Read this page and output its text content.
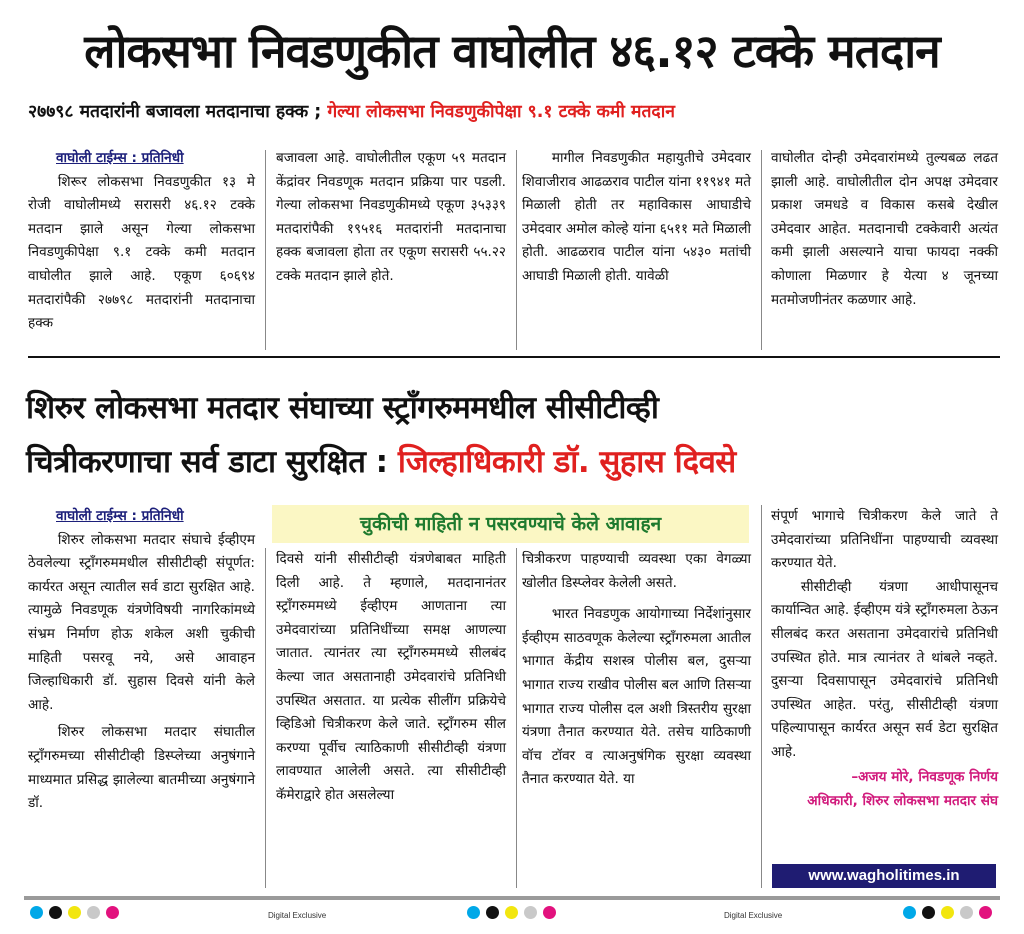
लोकसभा निवडणुकीत वाघोलीत ४६.१२ टक्के मतदान
२७७९८ मतदारांनी बजावला मतदानाचा हक्क ; गेल्या लोकसभा निवडणुकीपेक्षा ९.१ टक्के कमी मतदान
वाघोली टाईम्स : प्रतिनिधी

शिरूर लोकसभा निवडणुकीत १३ मे रोजी वाघोलीमध्ये सरासरी ४६.१२ टक्के मतदान झाले असून गेल्या लोकसभा निवडणुकीपेक्षा ९.१ टक्के कमी मतदान वाघोलीत झाले आहे. एकूण ६०६९४ मतदारांपैकी २७७९८ मतदारांनी मतदानाचा हक्क

बजावला आहे. वाघोलीतील एकूण ५९ मतदान केंद्रांवर निवडणूक मतदान प्रक्रिया पार पडली. गेल्या लोकसभा निवडणुकीमध्ये एकूण ३५३३९ मतदारांपैकी १९५१६ मतदारांनी मतदानाचा हक्क बजावला होता तर एकूण सरासरी ५५.२२ टक्के मतदान झाले होते.

मागील निवडणुकीत महायुतीचे उमेदवार शिवाजीराव आढळराव पाटील यांना ११९४१ मते मिळाली होती तर महाविकास आघाडीचे उमेदवार अमोल कोल्हे यांना ६५११ मते मिळाली होती. आढळराव पाटील यांना ५४३० मतांची आघाडी मिळाली होती. यावेळी

वाघोलीत दोन्ही उमेदवारांमध्ये तुल्यबळ लढत झाली आहे. वाघोलीतील दोन अपक्ष उमेदवार प्रकाश जमधडे व विकास कसबे देखील उमेदवार आहेत. मतदानाची टक्केवारी अत्यंत कमी झाली असल्याने याचा फायदा नक्की कोणाला मिळणार हे येत्या ४ जूनच्या मतमोजणीनंतर कळणार आहे.

शिरुर लोकसभा मतदार संघाच्या स्ट्राँगरुममधील सीसीटीव्ही
चित्रीकरणाचा सर्व डाटा सुरक्षित : जिल्हाधिकारी डॉ. सुहास दिवसे
चुकीची माहिती न पसरवण्याचे केले आवाहन
वाघोली टाईम्स : प्रतिनिधी

शिरुर लोकसभा मतदार संघाचे ईव्हीएम ठेवलेल्या स्ट्राँगरुममधील सीसीटीव्ही संपूर्णत: कार्यरत असून त्यातील सर्व डाटा सुरक्षित आहे. त्यामुळे निवडणूक यंत्रणेविषयी नागरिकांमध्ये संभ्रम निर्माण होऊ शकेल अशी चुकीची माहिती पसरवू नये, असे आवाहन जिल्हाधिकारी डॉ. सुहास दिवसे यांनी केले आहे.

शिरुर लोकसभा मतदार संघातील स्ट्राँगरुमच्या सीसीटीव्ही डिस्प्लेच्या अनुषंगाने माध्यमात प्रसिद्ध झालेल्या बातमीच्या अनुषंगाने डॉ.

दिवसे यांनी सीसीटीव्ही यंत्रणेबाबत माहिती दिली आहे. ते म्हणाले, मतदानानंतर स्ट्राँगरुममध्ये ईव्हीएम आणताना त्या उमेदवारांच्या प्रतिनिधींच्या समक्ष आणल्या जातात. त्यानंतर त्या स्ट्राँगरुममध्ये सीलबंद केल्या जात असतानाही उमेदवारांचे प्रतिनिधी उपस्थित असतात. या प्रत्येक सीलींग प्रक्रियेचे व्हिडिओ चित्रीकरण केले जाते. स्ट्राँगरुम सील करण्या पूर्वीच त्याठिकाणी सीसीटीव्ही यंत्रणा लावण्यात आलेली असते. त्या सीसीटीव्ही कॅमेराद्वारे होत असलेल्या

चित्रीकरण पाहण्याची व्यवस्था एका वेगळ्या खोलीत डिस्प्लेवर केलेली असते.

भारत निवडणुक आयोगाच्या निर्देशांनुसार ईव्हीएम साठवणूक केलेल्या स्ट्राँगरुमला आतील भागात केंद्रीय सशस्त्र पोलीस बल, दुसऱ्या भागात राज्य राखीव पोलीस बल आणि तिसऱ्या भागात राज्य पोलीस दल अशी त्रिस्तरीय सुरक्षा यंत्रणा तैनात करण्यात येते. तसेच याठिकाणी वॉच टॉवर व त्याअनुषंगिक सुरक्षा व्यवस्था तैनात करण्यात येते. या

संपूर्ण भागाचे चित्रीकरण केले जाते ते उमेदवारांच्या प्रतिनिधींना पाहण्याची व्यवस्था करण्यात येते.

सीसीटीव्ही यंत्रणा आधीपासूनच कार्यान्वित आहे. ईव्हीएम यंत्रे स्ट्राँगरुमला ठेऊन सीलबंद करत असताना उमेदवारांचे प्रतिनिधी उपस्थित होते. मात्र त्यानंतर ते थांबले नव्हते. दुसऱ्या दिवसापासून उमेदवारांचे प्रतिनिधी उपस्थित आहेत. परंतु, सीसीटीव्ही यंत्रणा पहिल्यापासून कार्यरत असून सर्व डेटा सुरक्षित आहे.

–अजय मोरे, निवडणूक निर्णय
अधिकारी, शिरुर लोकसभा मतदार संघ
www.wagholitimes.in
Digital Exclusive	Digital Exclusive
